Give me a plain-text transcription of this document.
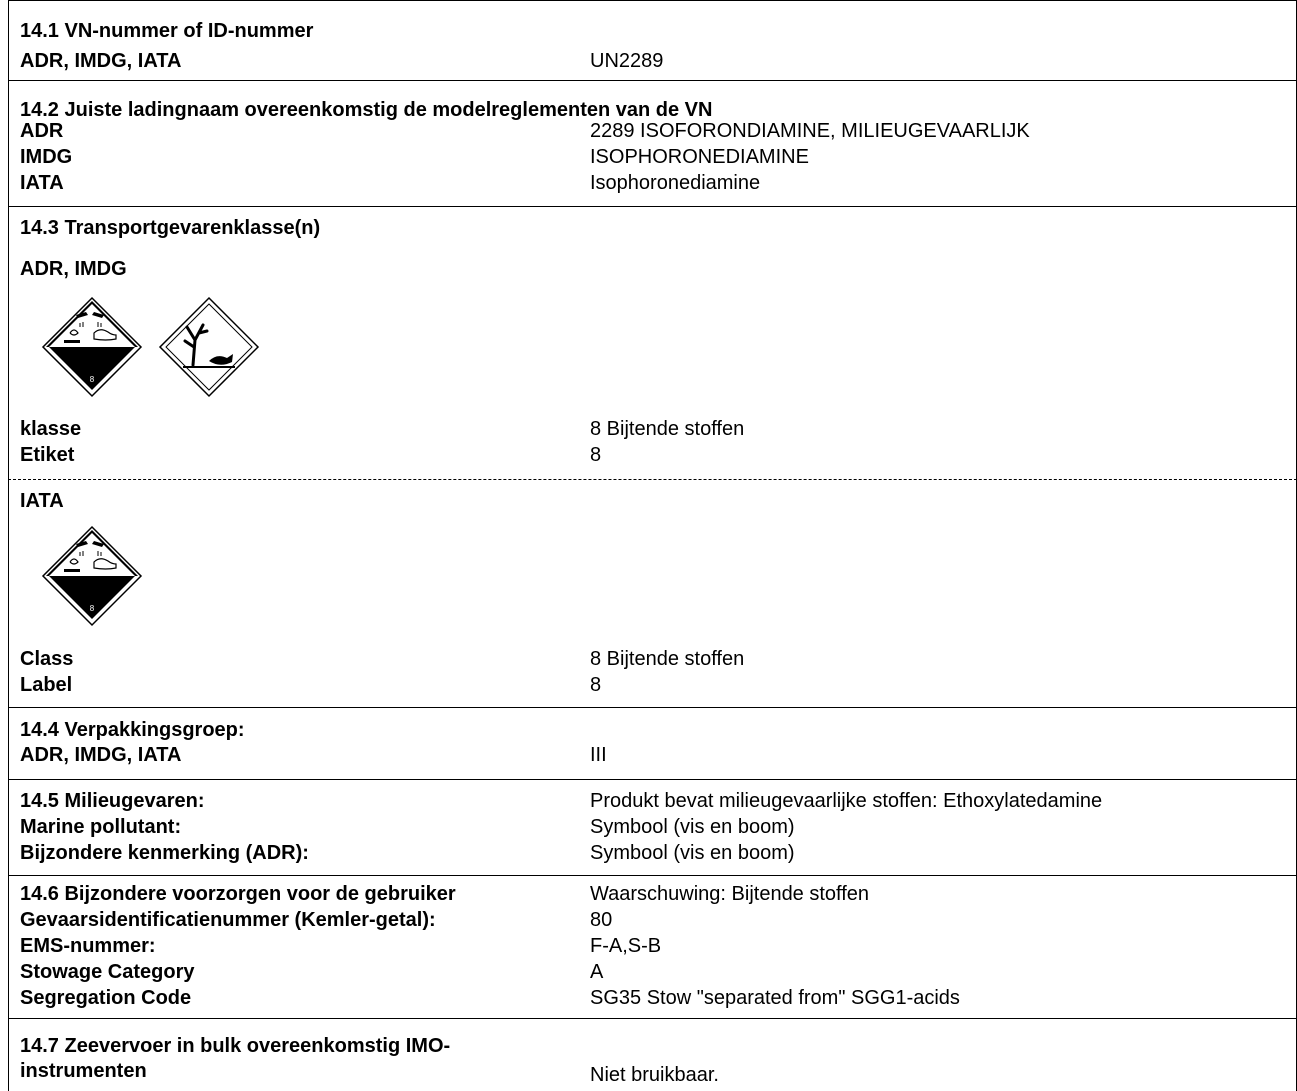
14.1 VN-nummer of ID-nummer
ADR, IMDG, IATA	UN2289
14.2 Juiste ladingnaam overeenkomstig de modelreglementen van de VN
ADR	2289 ISOFORONDIAMINE, MILIEUGEVAARLIJK
IMDG	ISOPHORONEDIAMINE
IATA	Isophoronediamine
14.3 Transportgevarenklasse(n)
ADR, IMDG
8
klasse	8 Bijtende stoffen
Etiket	8
IATA
8
Class	8 Bijtende stoffen
Label	8
14.4 Verpakkingsgroep:
ADR, IMDG, IATA	III
14.5 Milieugevaren:	Produkt bevat milieugevaarlijke stoffen: Ethoxylatedamine
Marine pollutant:	Symbool (vis en boom)
Bijzondere kenmerking (ADR):	Symbool (vis en boom)
14.6 Bijzondere voorzorgen voor de gebruiker	Waarschuwing: Bijtende stoffen
Gevaarsidentificatienummer (Kemler-getal):	80
EMS-nummer:	F-A,S-B
Stowage Category	A
Segregation Code	SG35 Stow "separated from" SGG1-acids
14.7 Zeevervoer in bulk overeenkomstig IMO-
instrumenten	Niet bruikbaar.
